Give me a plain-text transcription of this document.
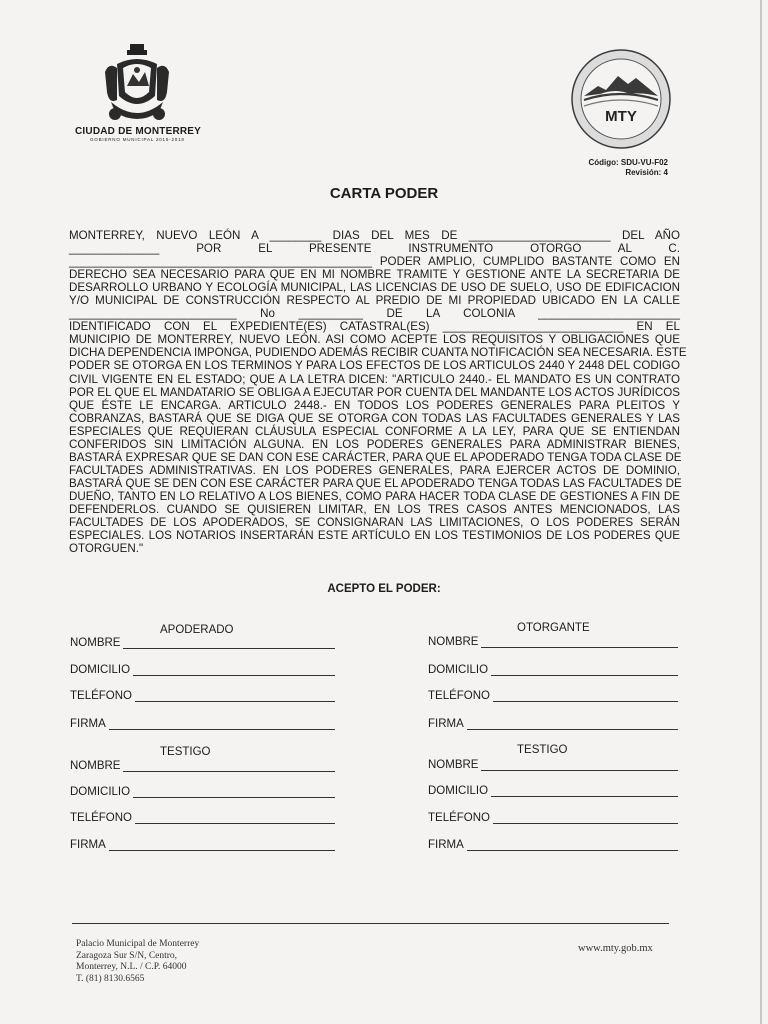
CIUDAD DE MONTERREY
GOBIERNO MUNICIPAL 2015-2018
MTY
Código: SDU-VU-F02
Revisión: 4
CARTA PODER

MONTERREY, NUEVO LEÓN A ________ DIAS DEL MES DE ______________________ DEL AÑO

______________ POR EL PRESENTE INSTRUMENTO OTORGO AL C.

_______________________________________________ PODER AMPLIO, CUMPLIDO BASTANTE COMO EN

DERECHO SEA NECESARIO PARA QUE EN MI NOMBRE TRAMITE Y GESTIONE ANTE LA SECRETARIA DE

DESARROLLO URBANO Y ECOLOGÍA MUNICIPAL, LAS LICENCIAS DE USO DE SUELO, USO DE EDIFICACION

Y/O MUNICIPAL DE CONSTRUCCIÓN RESPECTO AL PREDIO DE MI PROPIEDAD UBICADO EN LA CALLE

__________________________ No __________ DE LA COLONIA ______________________

IDENTIFICADO CON EL EXPEDIENTE(ES) CATASTRAL(ES) ____________________________ EN EL

MUNICIPIO DE MONTERREY, NUEVO LEÓN. ASI COMO ACEPTE LOS REQUISITOS Y OBLIGACIONES QUE

DICHA DEPENDENCIA IMPONGA, PUDIENDO ADEMÁS RECIBIR CUANTA NOTIFICACIÓN SEA NECESARIA. ESTE

PODER SE OTORGA EN LOS TERMINOS Y PARA LOS EFECTOS DE LOS ARTICULOS 2440 Y 2448 DEL CODIGO

CIVIL VIGENTE EN EL ESTADO; QUE A LA LETRA DICEN: "ARTICULO 2440.- EL MANDATO ES UN CONTRATO

POR EL QUE EL MANDATARIO SE OBLIGA A EJECUTAR POR CUENTA DEL MANDANTE LOS ACTOS JURÍDICOS

QUE ÉSTE LE ENCARGA. ARTICULO 2448.- EN TODOS LOS PODERES GENERALES PARA PLEITOS Y

COBRANZAS, BASTARÁ QUE SE DIGA QUE SE OTORGA CON TODAS LAS FACULTADES GENERALES Y LAS

ESPECIALES QUE REQUIERAN CLÁUSULA ESPECIAL CONFORME A LA LEY, PARA QUE SE ENTIENDAN

CONFERIDOS SIN LIMITACIÓN ALGUNA. EN LOS PODERES GENERALES PARA ADMINISTRAR BIENES,

BASTARÁ EXPRESAR QUE SE DAN CON ESE CARÁCTER, PARA QUE EL APODERADO TENGA TODA CLASE DE

FACULTADES ADMINISTRATIVAS. EN LOS PODERES GENERALES, PARA EJERCER ACTOS DE DOMINIO,

BASTARÁ QUE SE DEN CON ESE CARÁCTER PARA QUE EL APODERADO TENGA TODAS LAS FACULTADES DE

DUEÑO, TANTO EN LO RELATIVO A LOS BIENES, COMO PARA HACER TODA CLASE DE GESTIONES A FIN DE

DEFENDERLOS. CUANDO SE QUISIEREN LIMITAR, EN LOS TRES CASOS ANTES MENCIONADOS, LAS

FACULTADES DE LOS APODERADOS, SE CONSIGNARAN LAS LIMITACIONES, O LOS PODERES SERÁN

ESPECIALES. LOS NOTARIOS INSERTARÁN ESTE ARTÍCULO EN LOS TESTIMONIOS DE LOS PODERES QUE

OTORGUEN."

ACEPTO EL PODER:
APODERADO
NOMBRE
DOMICILIO
TELÉFONO
FIRMA
OTORGANTE
NOMBRE
DOMICILIO
TELÉFONO
FIRMA
TESTIGO
NOMBRE
DOMICILIO
TELÉFONO
FIRMA
TESTIGO
NOMBRE
DOMICILIO
TELÉFONO
FIRMA
Palacio Municipal de Monterrey
Zaragoza Sur S/N, Centro,
Monterrey, N.L. / C.P. 64000
T. (81) 8130.6565
www.mty.gob.mx
